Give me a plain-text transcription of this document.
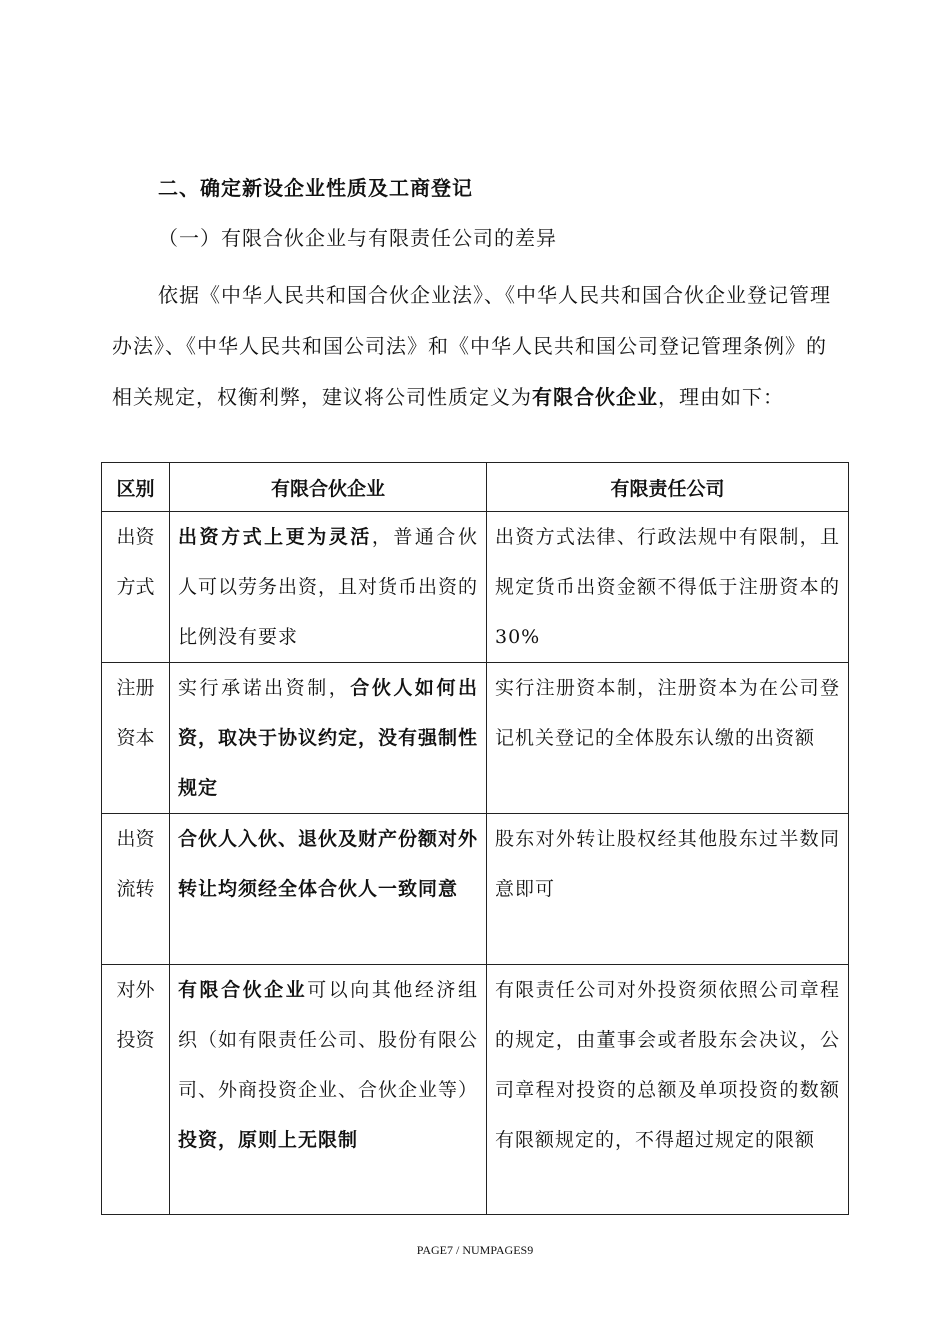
二、确定新设企业性质及工商登记
（一）有限合伙企业与有限责任公司的差异
依据《中华人民共和国合伙企业法》、《中华人民共和国合伙企业登记管理办法》、《中华人民共和国公司法》和《中华人民共和国公司登记管理条例》的相关规定，权衡利弊，建议将公司性质定义为有限合伙企业，理由如下：
区别	有限合伙企业	有限责任公司

出资
方式	出资方式上更为灵活，普通合伙人可以劳务出资，且对货币出资的比例没有要求	出资方式法律、行政法规中有限制，且规定货币出资金额不得低于注册资本的30%

注册
资本	实行承诺出资制，合伙人如何出资，取决于协议约定，没有强制性规定	实行注册资本制，注册资本为在公司登记机关登记的全体股东认缴的出资额

出资
流转	合伙人入伙、退伙及财产份额对外转让均须经全体合伙人一致同意	股东对外转让股权经其他股东过半数同意即可

对外
投资	有限合伙企业可以向其他经济组织（如有限责任公司、股份有限公司、外商投资企业、合伙企业等）投资，原则上无限制	有限责任公司对外投资须依照公司章程的规定，由董事会或者股东会决议，公司章程对投资的总额及单项投资的数额有限额规定的，不得超过规定的限额
PAGE7 / NUMPAGES9
